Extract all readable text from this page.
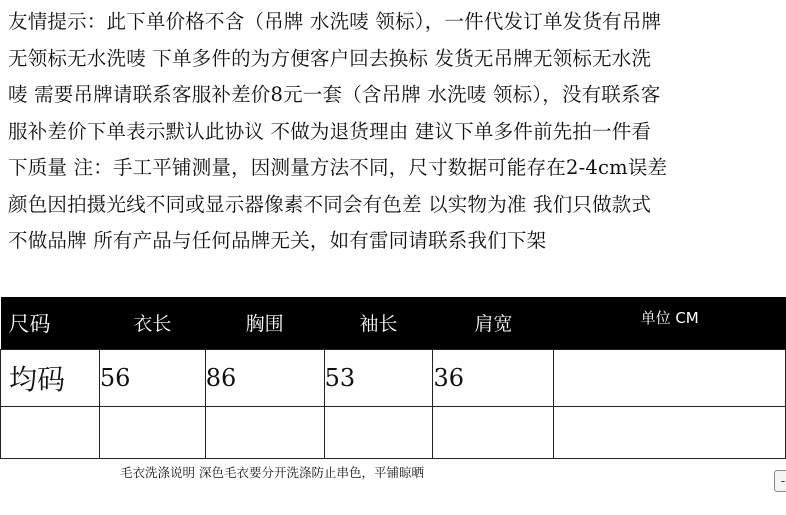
友情提示：此下单价格不含（吊牌 水洗唛 领标），一件代发订单发货有吊牌
无领标无水洗唛 下单多件的为方便客户回去换标 发货无吊牌无领标无水洗
唛 需要吊牌请联系客服补差价8元一套（含吊牌 水洗唛 领标），没有联系客
服补差价下单表示默认此协议 不做为退货理由 建议下单多件前先拍一件看
下质量 注：手工平铺测量，因测量方法不同，尺寸数据可能存在2-4cm误差
颜色因拍摄光线不同或显示器像素不同会有色差 以实物为准 我们只做款式
不做品牌 所有产品与任何品牌无关，如有雷同请联系我们下架
尺码	衣长	胸围	袖长	肩宽	单位 CM
均码	56	86	53	36	

毛衣洗涤说明 深色毛衣要分开洗涤防止串色，平铺晾晒
-
